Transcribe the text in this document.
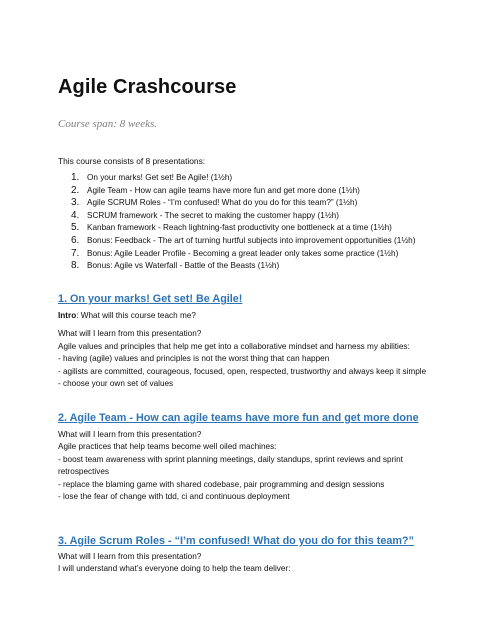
Agile Crashcourse
Course span: 8 weeks.
This course consists of 8 presentations:
1. On your marks! Get set! Be Agile! (1½h)
2. Agile Team - How can agile teams have more fun and get more done (1½h)
3. Agile SCRUM Roles - “I’m confused! What do you do for this team?” (1½h)
4. SCRUM framework - The secret to making the customer happy (1½h)
5. Kanban framework - Reach lightning-fast productivity one bottleneck at a time (1½h)
6. Bonus: Feedback - The art of turning hurtful subjects into improvement opportunities (1½h)
7. Bonus: Agile Leader Profile - Becoming a great leader only takes some practice (1½h)
8. Bonus: Agile vs Waterfall - Battle of the Beasts (1½h)
1. On your marks! Get set! Be Agile!
Intro: What will this course teach me?
What will I learn from this presentation?
Agile values and principles that help me get into a collaborative mindset and harness my abilities:
- having (agile) values and principles is not the worst thing that can happen
- agilists are committed, courageous, focused, open, respected, trustworthy and always keep it simple
- choose your own set of values
2. Agile Team - How can agile teams have more fun and get more done
What will I learn from this presentation?
Agile practices that help teams become well oiled machines:
- boost team awareness with sprint planning meetings, daily standups, sprint reviews and sprint retrospectives
- replace the blaming game with shared codebase, pair programming and design sessions
- lose the fear of change with tdd, ci and continuous deployment
3. Agile Scrum Roles - “I’m confused! What do you do for this team?”
What will I learn from this presentation?
I will understand what’s everyone doing to help the team deliver:
